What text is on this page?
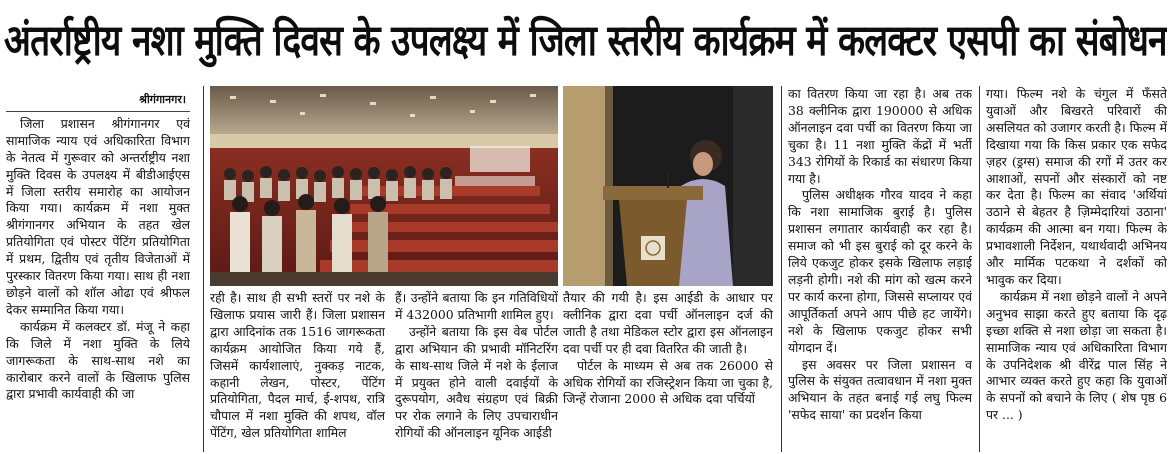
अंतर्राष्ट्रीय नशा मुक्ति दिवस के उपलक्ष्य में जिला स्तरीय कार्यक्रम में कलक्टर एसपी का संबोधन
श्रीगंगानगर।

जिला प्रशासन श्रीगंगानगर एवं सामाजिक न्याय एवं अधिकारिता विभाग के नेतत्व में गुरूवार को अन्तर्राष्ट्रीय नशा मुक्ति दिवस के उपलक्ष्य में बीडीआईएस में जिला स्तरीय समारोह का आयोजन किया गया। कार्यक्रम में नशा मुक्त श्रीगंगानगर अभियान के तहत खेल प्रतियोगिता एवं पोस्टर पेंटिंग प्रतियोगिता में प्रथम, द्वितीय एवं तृतीय विजेताओं में पुरस्कार वितरण किया गया। साथ ही नशा छोड़ने वालों को शॉल ओढा एवं श्रीफल देकर सम्मानित किया गया।

कार्यक्रम में कलक्टर डॉ. मंजू ने कहा कि जिले में नशा मुक्ति के लिये जागरूकता के साथ-साथ नशे का कारोबार करने वालों के खिलाफ पुलिस द्वारा प्रभावी कार्यवाही की जा

रही है। साथ ही सभी स्तरों पर नशे के खिलाफ प्रयास जारी हैं। जिला प्रशासन द्वारा आदिनांक तक 1516 जागरूकता कार्यक्रम आयोजित किया गये हैं, जिसमें कार्यशालाएं, नुक्कड़ नाटक, कहानी लेखन, पोस्टर, पेंटिंग प्रतियोगिता, पैदल मार्च, ई-शपथ, रात्रि चौपाल में नशा मुक्ति की शपथ, वॉल पेंटिंग, खेल प्रतियोगिता शामिल

हैं। उन्होंने बताया कि इन गतिविधियों में 432000 प्रतिभागी शामिल हुए।

उन्होंने बताया कि इस वेब पोर्टल द्वारा अभियान की प्रभावी मॉनिटरिंग के साथ-साथ जिले में नशे के ईलाज में प्रयुक्त होने वाली दवाईयों के दुरूपयोग, अवैध संग्रहण एवं बिक्री पर रोक लगाने के लिए उपचाराधीन रोगियों की ऑनलाइन यूनिक आईडी

तैयार की गयी है। इस आईडी के आधार पर क्लीनिक द्वारा दवा पर्ची ऑनलाइन दर्ज की जाती है तथा मेडिकल स्टोर द्वारा इस ऑनलाइन दवा पर्ची पर ही दवा वितरित की जाती है।

पोर्टल के माध्यम से अब तक 26000 से अधिक रोगियों का रजिस्ट्रेशन किया जा चुका है, जिन्हें रोजाना 2000 से अधिक दवा पर्चियों

का वितरण किया जा रहा है। अब तक 38 क्लीनिक द्वारा 190000 से अधिक ऑनलाइन दवा पर्ची का वितरण किया जा चुका है। 11 नशा मुक्ति केंद्रों में भर्ती 343 रोगियों के रिकार्ड का संधारण किया गया है।

पुलिस अधीक्षक गौरव यादव ने कहा कि नशा सामाजिक बुराई है। पुलिस प्रशासन लगातार कार्यवाही कर रहा है। समाज को भी इस बुराई को दूर करने के लिये एकजुट होकर इसके खिलाफ लड़ाई लड़नी होगी। नशे की मांग को खत्म करने पर कार्य करना होगा, जिससे सप्लायर एवं आपूर्तिकर्ता अपने आप पीछे हट जायेंगे। नशे के खिलाफ एकजुट होकर सभी योगदान दें।

इस अवसर पर जिला प्रशासन व पुलिस के संयुक्त तत्वावधान में नशा मुक्त अभियान के तहत बनाई गई लघु फिल्म 'सफेद साया' का प्रदर्शन किया

गया। फिल्म नशे के चंगुल में फँसते युवाओं और बिखरते परिवारों की असलियत को उजागर करती है। फिल्म में दिखाया गया कि किस प्रकार एक सफेद ज़हर (ड्रग्स) समाज की रगों में उतर कर आशाओं, सपनों और संस्कारों को नष्ट कर देता है। फिल्म का संवाद 'अर्थियां उठाने से बेहतर है ज़िम्मेदारियां उठाना' कार्यक्रम की आत्मा बन गया। फिल्म के प्रभावशाली निर्देशन, यथार्थवादी अभिनय और मार्मिक पटकथा ने दर्शकों को भावुक कर दिया।

कार्यक्रम में नशा छोड़ने वालों ने अपने अनुभव साझा करते हुए बताया कि दृढ़ इच्छा शक्ति से नशा छोड़ा जा सकता है। सामाजिक न्याय एवं अधिकारिता विभाग के उपनिदेशक श्री वीरेंद्र पाल सिंह ने आभार व्यक्त करते हुए कहा कि युवाओं के सपनों को बचाने के लिए ( शेष पृष्ठ 6 पर ... )
